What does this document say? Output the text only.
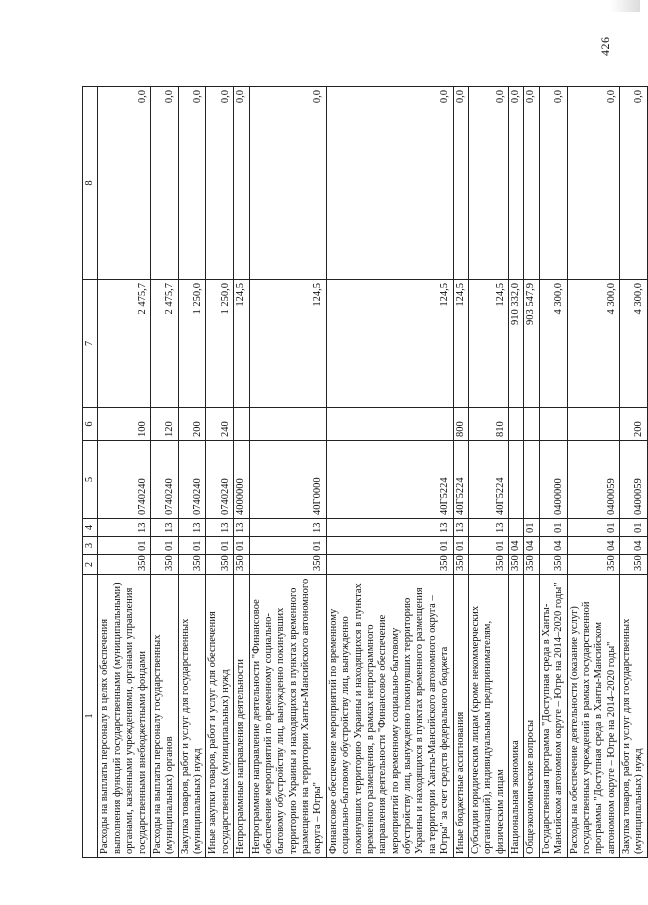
426
1	2	3	4	5	6	7	8
Расходы на выплаты персоналу в целях обеспечения выполнения функций государственными (муниципальными) органами, казенными учреждениями, органами управления государственными внебюджетными фондами	350	01	13	0740240	100	2 475,7	0,0
Расходы на выплаты персоналу государственных (муниципальных) органов	350	01	13	0740240	120	2 475,7	0,0
Закупка товаров, работ и услуг для государственных (муниципальных) нужд	350	01	13	0740240	200	1 250,0	0,0
Иные закупки товаров, работ и услуг для обеспечения государственных (муниципальных) нужд	350	01	13	0740240	240	1 250,0	0,0
Непрограммные направления деятельности	350	01	13	4000000		124,5	0,0
Непрограммное направление деятельности "Финансовое обеспечение мероприятий по временному социально-бытовому обустройству лиц, вынужденно покинувших территорию Украины и находящихся в пунктах временного размещения на территории Ханты-Мансийского автономного округа – Югры"	350	01	13	40Г0000		124,5	0,0
Финансовое обеспечение мероприятий по временному социально-бытовому обустройству лиц, вынужденно покинувших территорию Украины и находящихся в пунктах временного размещения, в рамках непрограммного направления деятельности "Финансовое обеспечение мероприятий по временному социально-бытовому обустройству лиц, вынужденно покинувших территорию Украины и находящихся в пунктах временного размещения на территории Ханты-Мансийского автономного округа – Югры" за счет средств федерального бюджета	350	01	13	40Г5224		124,5	0,0
Иные бюджетные ассигнования	350	01	13	40Г5224	800	124,5	0,0
Субсидии юридическим лицам (кроме некоммерческих организаций), индивидуальным предпринимателям, физическим лицам	350	01	13	40Г5224	810	124,5	0,0
Национальная экономика	350	04				910 332,0	0,0
Общеэкономические вопросы	350	04	01			903 547,9	0,0
Государственная программа "Доступная среда в Ханты-Мансийском автономном округе – Югре на 2014–2020 годы"	350	04	01	0400000		4 300,0	0,0
Расходы на обеспечение деятельности (оказание услуг) государственных учреждений в рамках государственной программы "Доступная среда в Ханты-Мансийском автономном округе – Югре на 2014–2020 годы"	350	04	01	0400059		4 300,0	0,0
Закупка товаров, работ и услуг для государственных (муниципальных) нужд	350	04	01	0400059	200	4 300,0	0,0
